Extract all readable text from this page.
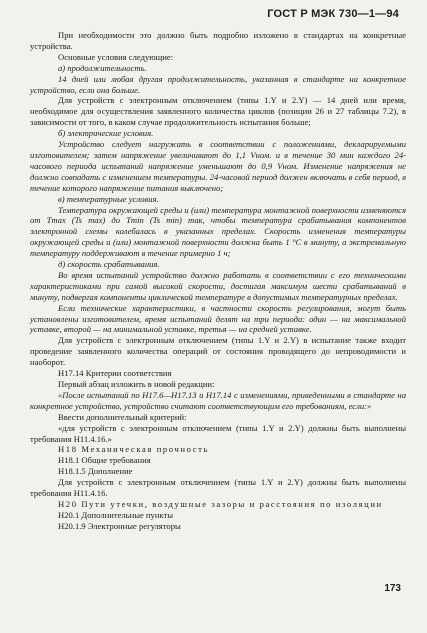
ГОСТ Р МЭК 730—1—94

При необходимости это должно быть подробно изложено в стандартах на конкретные устройства.

Основные условия следующие:

а) продолжительность.

14 дней или любая другая продолжительность, указанная в стандарте на конкретное устройство, если она больше.

Для устройств с электронным отключением (типы 1.Y и 2.Y) — 14 дней или время, необходимое для осуществления заявленного количества циклов (позиции 26 и 27 таблицы 7.2), в зависимости от того, в каком случае продолжительность испытания больше;

б) электрические условия.

Устройство следует нагружать в соответствии с положениями, декларируемыми изготовителем; затем напряжение увеличивают до 1,1 Vном. и в течение 30 мин каждого 24-часового периода испытаний напряжение уменьшают до 0,9 Vном. Изменение напряжения не должно совпадать с изменением температуры. 24-часовой период должен включать в себя период, в течение которого напряжение питания выключено;

в) температурные условия.

Температура окружающей среды и (или) температура монтажной поверхности изменяются от Tmax (Ts max) до Tmin (Ts min) так, чтобы температура срабатывания компонентов электронной схемы колебалась в указанных пределах. Скорость изменения температуры окружающей среды и (или) монтажной поверхности должна быть 1 °С в минуту, а экстремальную температуру поддерживают в течение примерно 1 ч;

д) скорость срабатывания.

Во время испытаний устройство должно работать в соответствии с его техническими характеристиками при самой высокой скорости, достигая максимум шести срабатываний в минуту, подвергая компоненты циклической температуре в допустимых температурных пределах.

Если технические характеристики, в частности скорость регулирования, могут быть установлены изготовителем, время испытаний делят на три периода: один — на максимальной уставке, второй — на минимальной уставке, третья — на средней уставке.

Для устройств с электронным отключением (типы 1.Y и 2.Y) в испытание также входит проведение заявленного количества операций от состояния проводящего до непроводимости и наоборот.

Н17.14 Критерии соответствия

Первый абзац изложить в новой редакции:

«После испытаний по Н17.6—Н17.13 и Н17.14 с изменениями, приведенными в стандарте на конкретное устройство, устройство считают соответствующим его требованиям, если:»

Ввести дополнительный критерий:

«для устройств с электронным отключением (типы 1.Y и 2.Y) должны быть выполнены требования Н11.4.16.»

Н18 Механическая прочность

Н18.1 Общие требования

Н18.1.5 Дополнение

Для устройств с электронным отключением (типы 1.Y и 2.Y) должны быть выполнены требования Н11.4.16.

Н20 Пути утечки, воздушные зазоры и расстояния по изоляции

Н20.1 Дополнительные пункты

Н20.1.9 Электронные регуляторы

173
